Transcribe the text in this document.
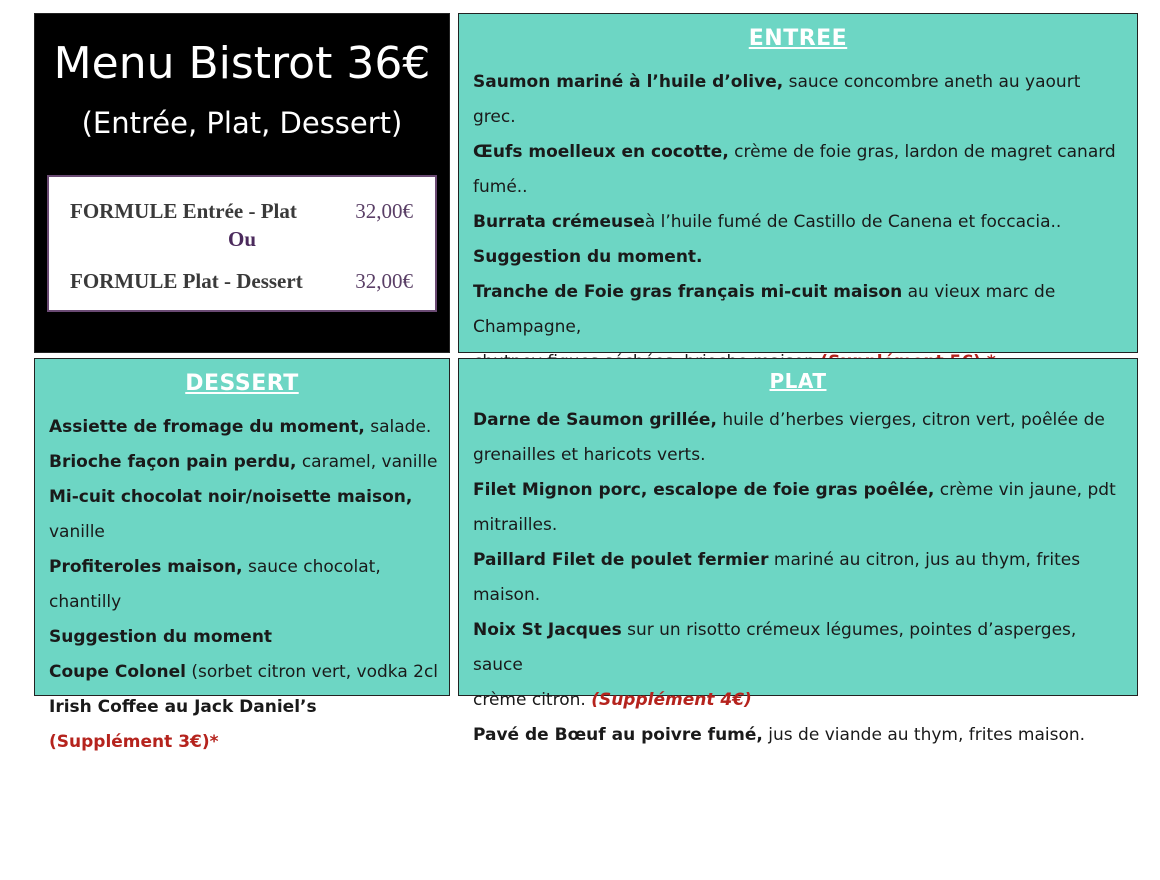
Menu Bistrot 36€
(Entrée, Plat, Dessert)
FORMULE Entrée - Plat	32,00€
Ou
FORMULE Plat - Dessert	32,00€
ENTREE
Saumon mariné à l’huile d’olive, sauce concombre aneth au yaourt grec.
Œufs moelleux en cocotte, crème de foie gras, lardon de magret canard fumé..
Burrata crémeuseà l’huile fumé de Castillo de Canena et foccacia..
Suggestion du moment.
Tranche de Foie gras français mi-cuit maison au vieux marc de Champagne,
DESSERT
Assiette de fromage du moment, salade.
Brioche façon pain perdu, caramel, vanille
Mi-cuit chocolat noir/noisette maison, vanille
Profiteroles maison, sauce chocolat, chantilly
Suggestion du moment
Coupe Colonel (sorbet citron vert, vodka 2cl
Irish Coffee au Jack Daniel’s (Supplément 3€)*
PLAT
Darne de Saumon grillée, huile d’herbes vierges, citron vert, poêlée de
grenailles et haricots verts.
Filet Mignon porc, escalope de foie gras poêlée, crème vin jaune, pdt mitrailles.
Paillard Filet de poulet fermier mariné au citron, jus au thym, frites maison.
Noix St Jacques sur un risotto crémeux légumes, pointes d’asperges, sauce
crème citron. (Supplément 4€)
Pavé de Bœuf au poivre fumé, jus de viande au thym, frites maison.
